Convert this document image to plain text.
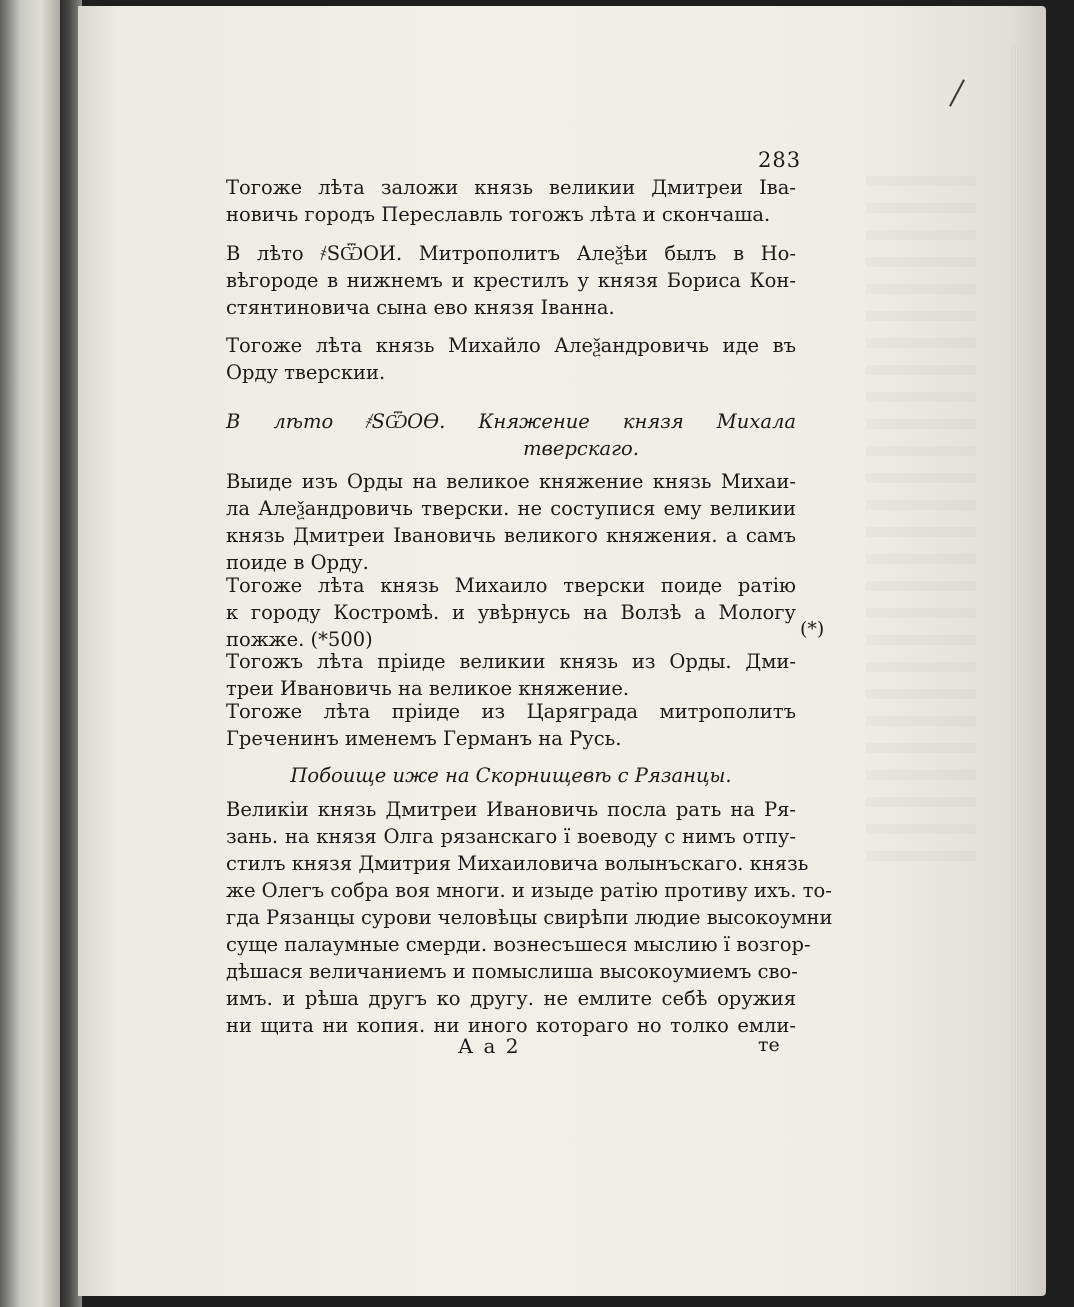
283
Тогоже лѣта заложи князь великии Дмитреи Іва-
новичь городъ Переславль тогожъ лѣта и скончаша.
В лѣто ҂ЅѾОИ. Митрополитъ Алеѯѣи былъ в Но-
вѣгороде в нижнемъ и крестилъ у князя Бориса Кон-
стянтиновича сына ево князя Іванна.
Тогоже лѣта князь Михайло Алеѯандровичь иде въ
Орду тверскии.
В лѣто ҂ЅѾОѲ. Княжение князя Михала
тверскаго.
Выиде изъ Орды на великое княжение князь Михаи-
ла Алеѯандровичь тверски. не соступися ему великии
князь Дмитреи Івановичь великого княжения. а самъ
поиде в Орду.
Тогоже лѣта князь Михаило тверски поиде ратiю
к городу Костромѣ. и увѣрнусь на Волзѣ а Мологу
пожже. (*500)
Тогожъ лѣта прiиде великии князь из Орды. Дми-
треи Ивановичь на великое княжение.
Тогоже лѣта прiиде из Царяграда митрополитъ
Греченинъ именемъ Германъ на Русь.
Побоище иже на Скорнищевѣ с Рязанцы.
Великiи князь Дмитреи Ивановичь посла рать на Ря-
зань. на князя Олга рязанскаго ї воеводу с нимъ отпу-
стилъ князя Дмитрия Михаиловича волынъскаго. князь
же Олегъ собра воя многи. и изыде ратiю противу ихъ. то-
гда Рязанцы сурови человѣцы свирѣпи людие высокоумни
суще палаумные смерди. вознесъшеся мыслию ї возгор-
дѣшася величаниемъ и помыслиша высокоумиемъ сво-
имъ. и рѣша другъ ко другу. не емлите себѣ оружия
ни щита ни копия. ни иного котораго но толко емли-
(*)
А а 2	те
